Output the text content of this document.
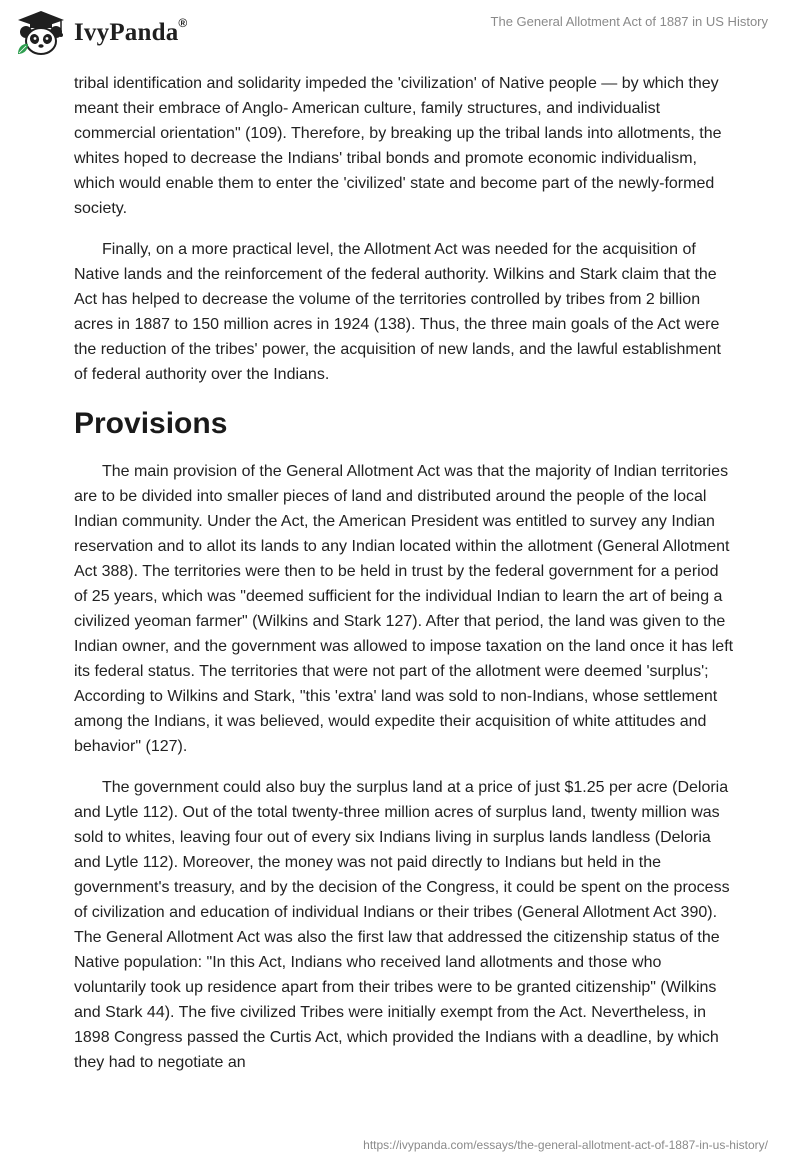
IvyPanda®	The General Allotment Act of 1887 in US History

tribal identification and solidarity impeded the 'civilization' of Native people — by which they meant their embrace of Anglo- American culture, family structures, and individualist commercial orientation" (109). Therefore, by breaking up the tribal lands into allotments, the whites hoped to decrease the Indians' tribal bonds and promote economic individualism, which would enable them to enter the 'civilized' state and become part of the newly-formed society.

Finally, on a more practical level, the Allotment Act was needed for the acquisition of Native lands and the reinforcement of the federal authority. Wilkins and Stark claim that the Act has helped to decrease the volume of the territories controlled by tribes from 2 billion acres in 1887 to 150 million acres in 1924 (138). Thus, the three main goals of the Act were the reduction of the tribes' power, the acquisition of new lands, and the lawful establishment of federal authority over the Indians.

Provisions

The main provision of the General Allotment Act was that the majority of Indian territories are to be divided into smaller pieces of land and distributed around the people of the local Indian community. Under the Act, the American President was entitled to survey any Indian reservation and to allot its lands to any Indian located within the allotment (General Allotment Act 388). The territories were then to be held in trust by the federal government for a period of 25 years, which was "deemed sufficient for the individual Indian to learn the art of being a civilized yeoman farmer" (Wilkins and Stark 127). After that period, the land was given to the Indian owner, and the government was allowed to impose taxation on the land once it has left its federal status. The territories that were not part of the allotment were deemed 'surplus'; According to Wilkins and Stark, "this 'extra' land was sold to non-Indians, whose settlement among the Indians, it was believed, would expedite their acquisition of white attitudes and behavior" (127).

The government could also buy the surplus land at a price of just $1.25 per acre (Deloria and Lytle 112). Out of the total twenty-three million acres of surplus land, twenty million was sold to whites, leaving four out of every six Indians living in surplus lands landless (Deloria and Lytle 112). Moreover, the money was not paid directly to Indians but held in the government's treasury, and by the decision of the Congress, it could be spent on the process of civilization and education of individual Indians or their tribes (General Allotment Act 390). The General Allotment Act was also the first law that addressed the citizenship status of the Native population: "In this Act, Indians who received land allotments and those who voluntarily took up residence apart from their tribes were to be granted citizenship" (Wilkins and Stark 44). The five civilized Tribes were initially exempt from the Act. Nevertheless, in 1898 Congress passed the Curtis Act, which provided the Indians with a deadline, by which they had to negotiate an

https://ivypanda.com/essays/the-general-allotment-act-of-1887-in-us-history/
